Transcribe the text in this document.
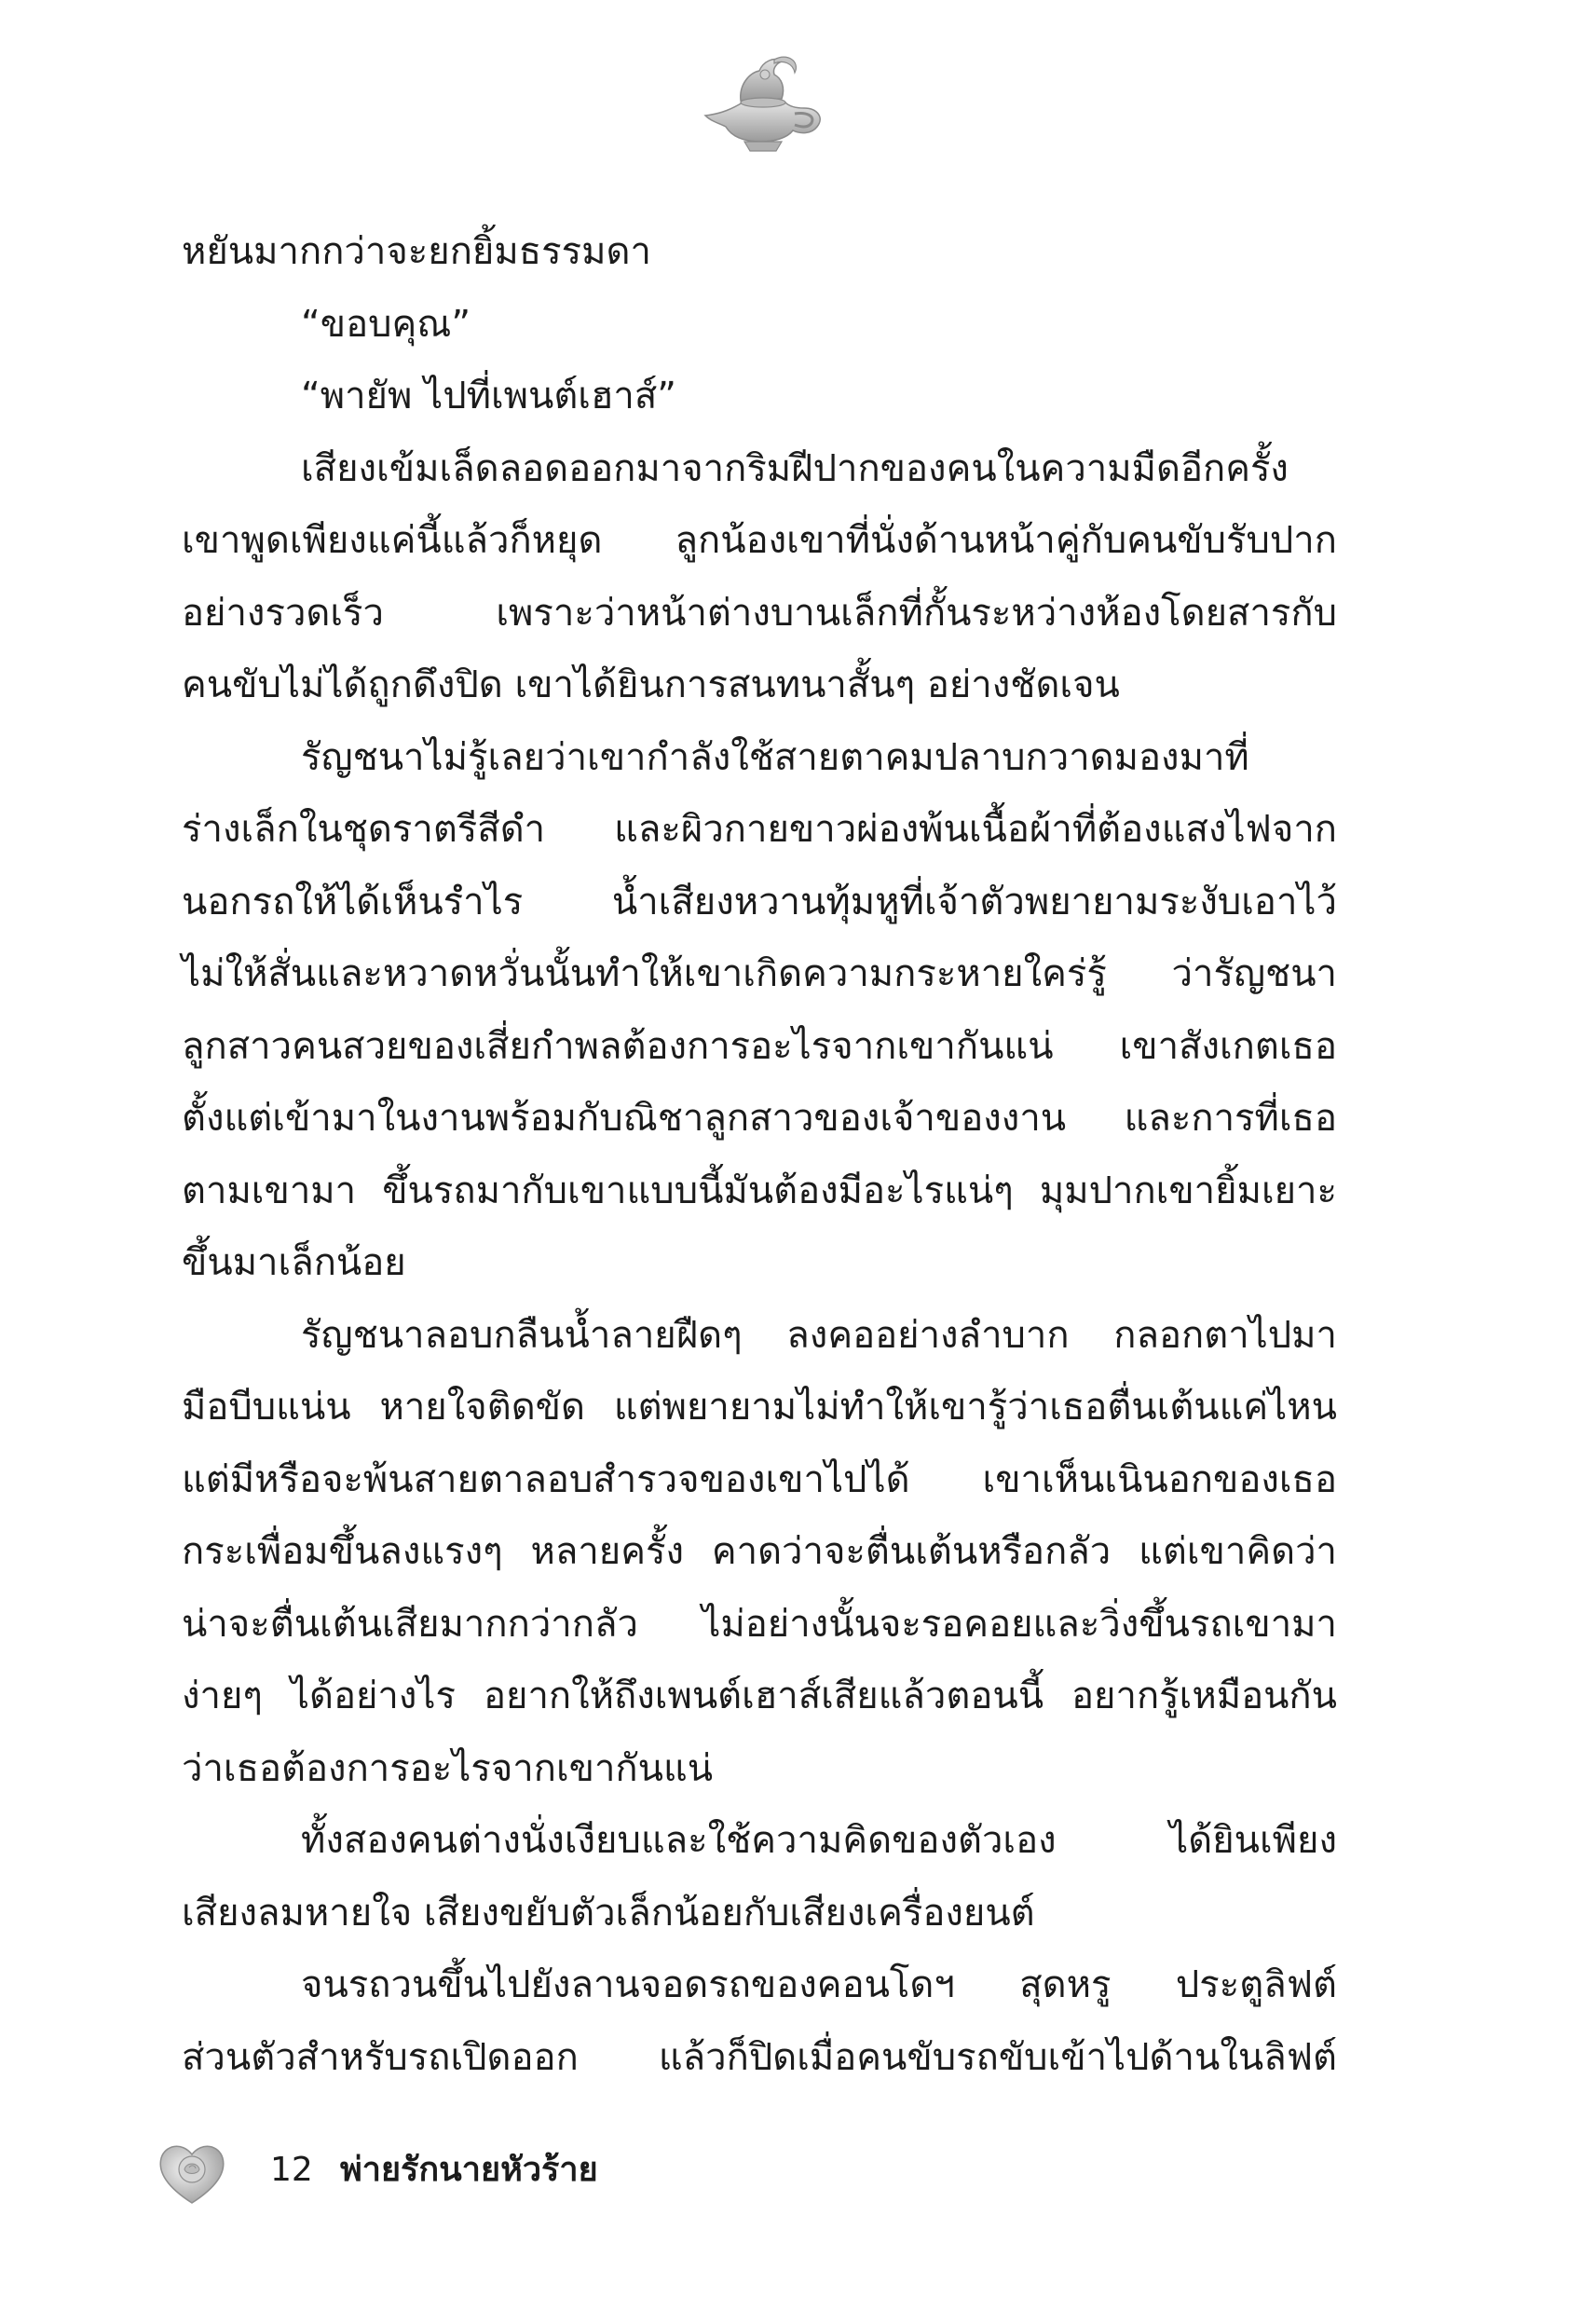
หยันมากกว่าจะยกยิ้มธรรมดา
“ขอบคุณ”
“พายัพ ไปที่เพนต์เฮาส์”
เสียงเข้มเล็ดลอดออกมาจากริมฝีปากของคนในความมืดอีกครั้ง
เขาพูดเพียงแค่นี้แล้วก็หยุด ลูกน้องเขาที่นั่งด้านหน้าคู่กับคนขับรับปาก
อย่างรวดเร็ว เพราะว่าหน้าต่างบานเล็กที่กั้นระหว่างห้องโดยสารกับ
คนขับไม่ได้ถูกดึงปิด เขาได้ยินการสนทนาสั้นๆ อย่างชัดเจน
รัญชนาไม่รู้เลยว่าเขากำลังใช้สายตาคมปลาบกวาดมองมาที่
ร่างเล็กในชุดราตรีสีดำ และผิวกายขาวผ่องพ้นเนื้อผ้าที่ต้องแสงไฟจาก
นอกรถให้ได้เห็นรำไร น้ำเสียงหวานทุ้มหูที่เจ้าตัวพยายามระงับเอาไว้
ไม่ให้สั่นและหวาดหวั่นนั้นทำให้เขาเกิดความกระหายใคร่รู้ ว่ารัญชนา
ลูกสาวคนสวยของเสี่ยกำพลต้องการอะไรจากเขากันแน่ เขาสังเกตเธอ
ตั้งแต่เข้ามาในงานพร้อมกับณิชาลูกสาวของเจ้าของงาน และการที่เธอ
ตามเขามา ขึ้นรถมากับเขาแบบนี้มันต้องมีอะไรแน่ๆ มุมปากเขายิ้มเยาะ
ขึ้นมาเล็กน้อย
รัญชนาลอบกลืนน้ำลายฝืดๆ ลงคออย่างลำบาก กลอกตาไปมา
มือบีบแน่น หายใจติดขัด แต่พยายามไม่ทำให้เขารู้ว่าเธอตื่นเต้นแค่ไหน
แต่มีหรือจะพ้นสายตาลอบสำรวจของเขาไปได้ เขาเห็นเนินอกของเธอ
กระเพื่อมขึ้นลงแรงๆ หลายครั้ง คาดว่าจะตื่นเต้นหรือกลัว แต่เขาคิดว่า
น่าจะตื่นเต้นเสียมากกว่ากลัว ไม่อย่างนั้นจะรอคอยและวิ่งขึ้นรถเขามา
ง่ายๆ ได้อย่างไร อยากให้ถึงเพนต์เฮาส์เสียแล้วตอนนี้ อยากรู้เหมือนกัน
ว่าเธอต้องการอะไรจากเขากันแน่
ทั้งสองคนต่างนั่งเงียบและใช้ความคิดของตัวเอง ได้ยินเพียง
เสียงลมหายใจ เสียงขยับตัวเล็กน้อยกับเสียงเครื่องยนต์
จนรถวนขึ้นไปยังลานจอดรถของคอนโดฯ สุดหรู ประตูลิฟต์
ส่วนตัวสำหรับรถเปิดออก แล้วก็ปิดเมื่อคนขับรถขับเข้าไปด้านในลิฟต์
12 พ่ายรักนายหัวร้าย
